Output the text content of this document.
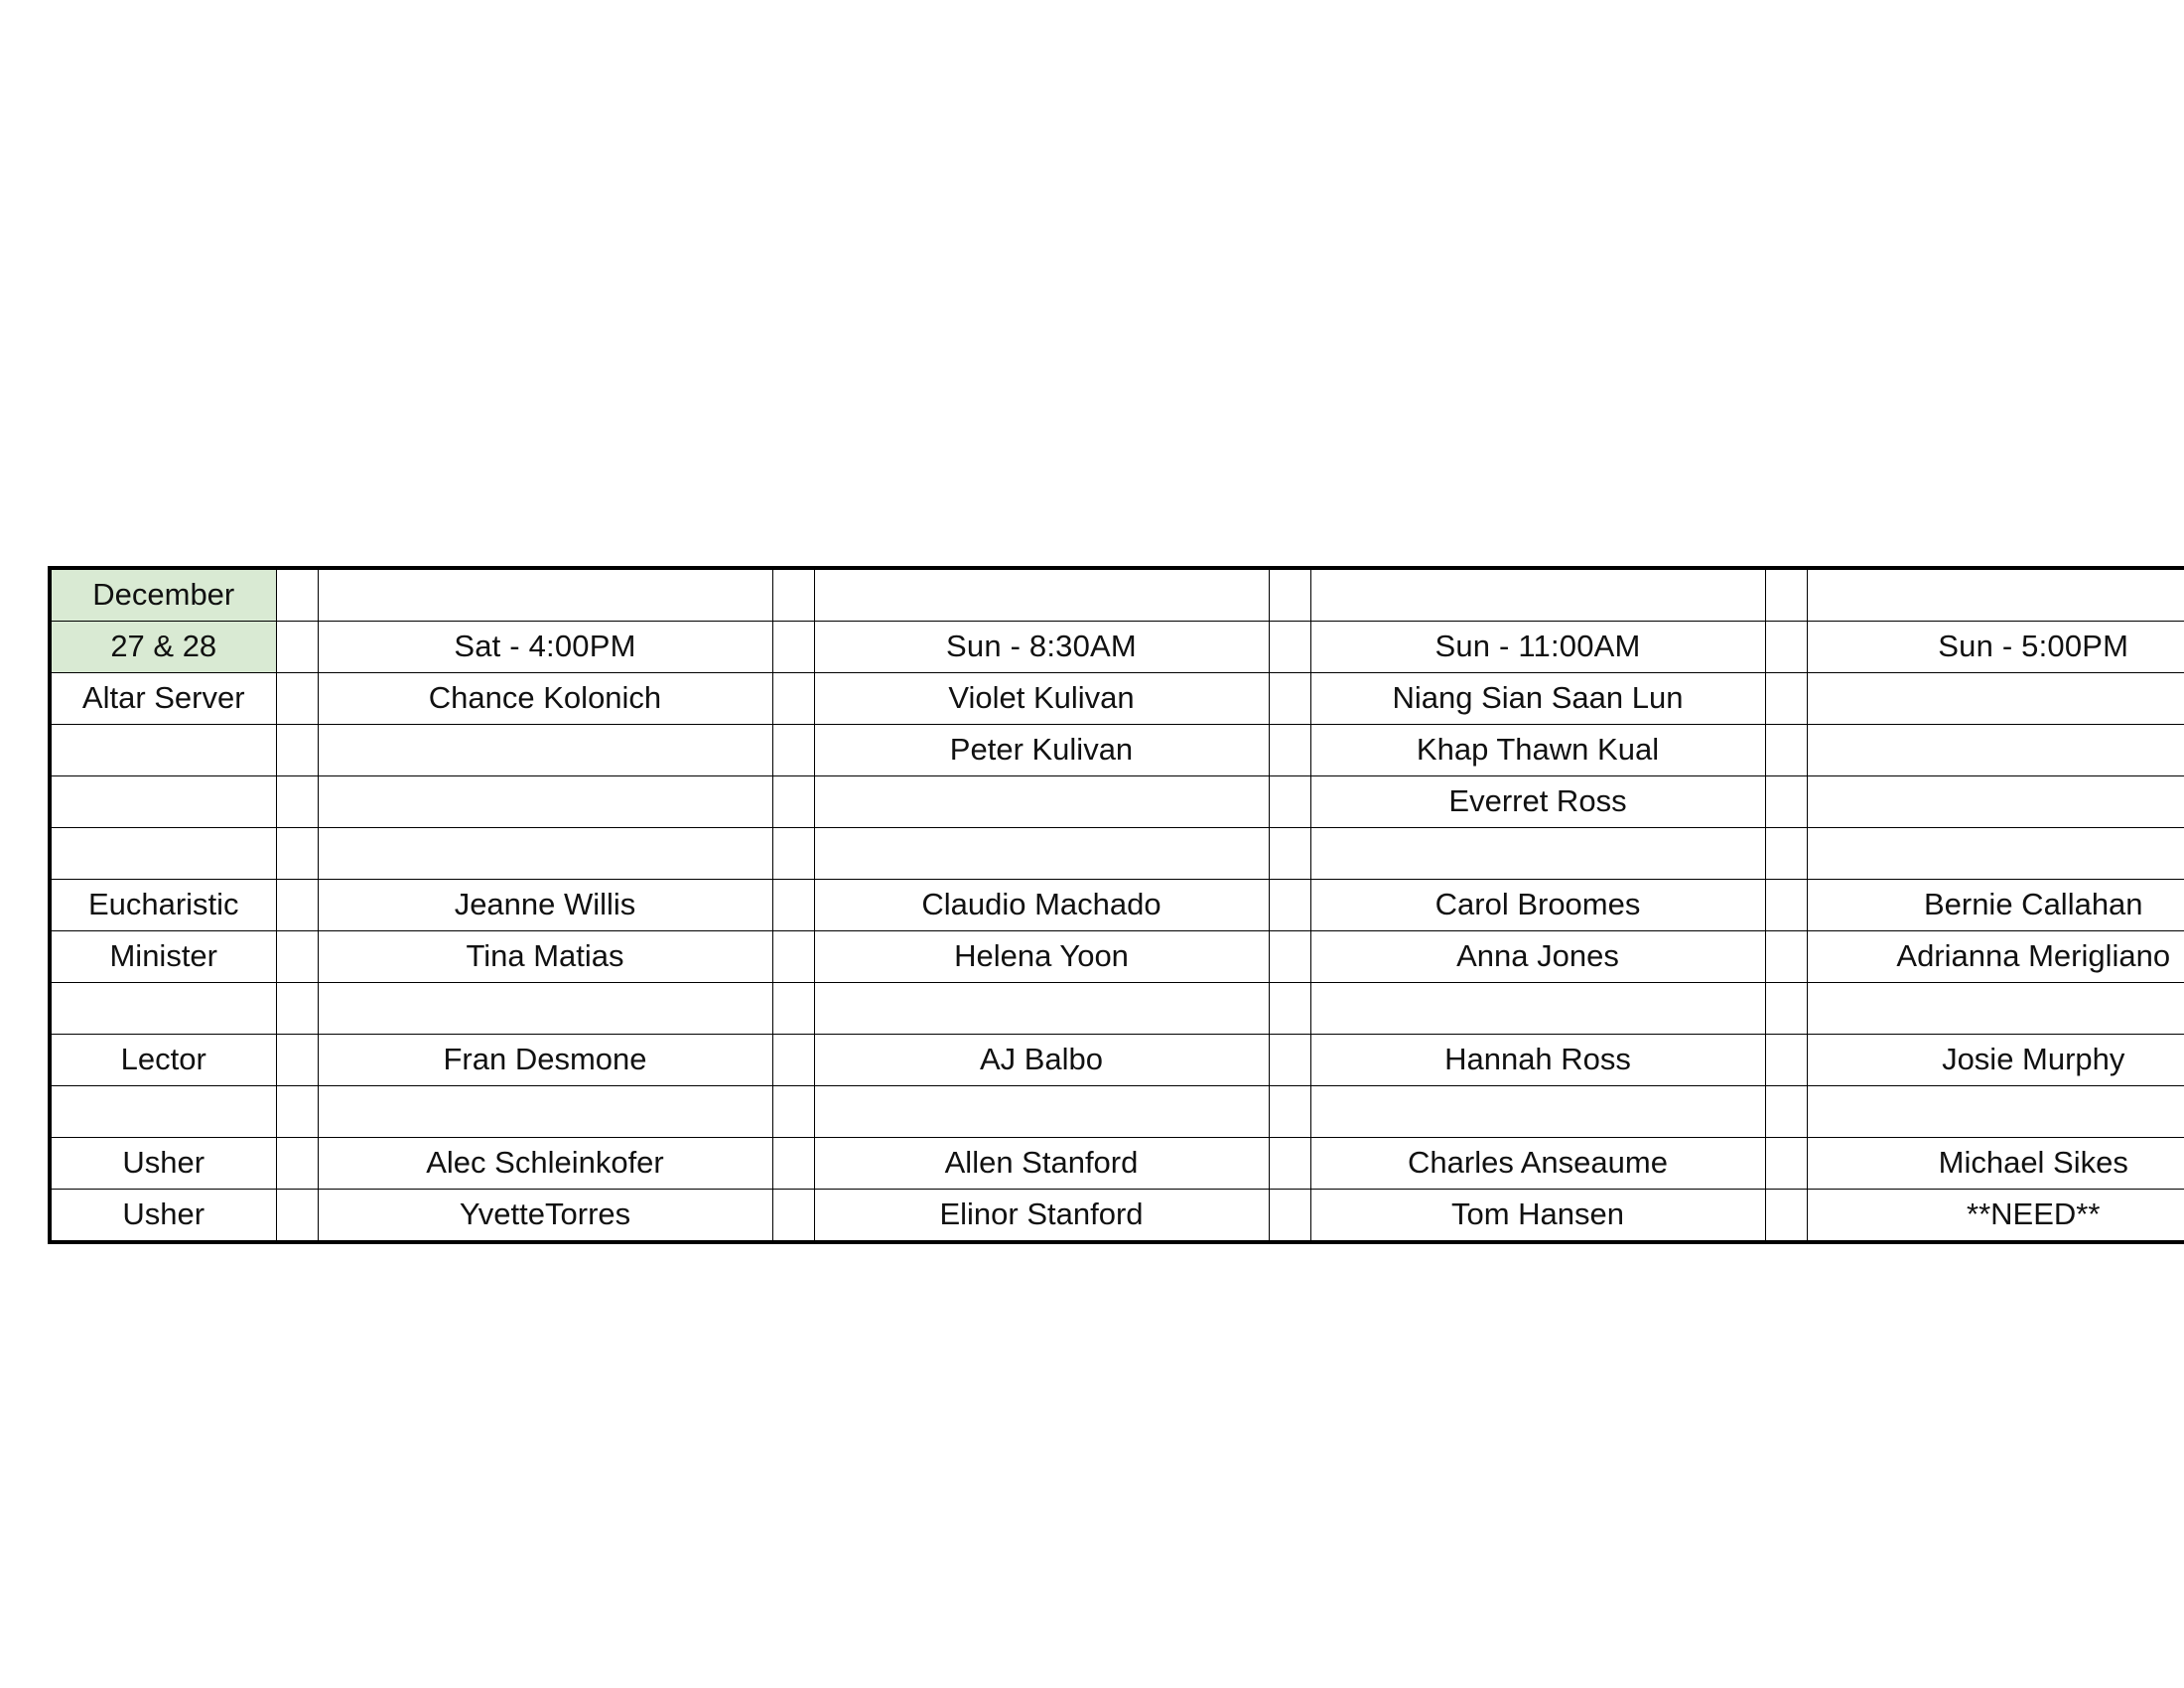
December								
27 & 28		Sat - 4:00PM		Sun - 8:30AM		Sun - 11:00AM		Sun - 5:00PM
Altar Server		Chance Kolonich		Violet Kulivan		Niang Sian Saan Lun		
				Peter Kulivan		Khap Thawn Kual		
						Everret Ross		

Eucharistic		Jeanne Willis		Claudio Machado		Carol Broomes		Bernie Callahan
Minister		Tina Matias		Helena Yoon		Anna Jones		Adrianna Merigliano

Lector		Fran Desmone		AJ Balbo		Hannah Ross		Josie Murphy

Usher		Alec Schleinkofer		Allen Stanford		Charles Anseaume		Michael Sikes
Usher		YvetteTorres		Elinor Stanford		Tom Hansen		**NEED**
